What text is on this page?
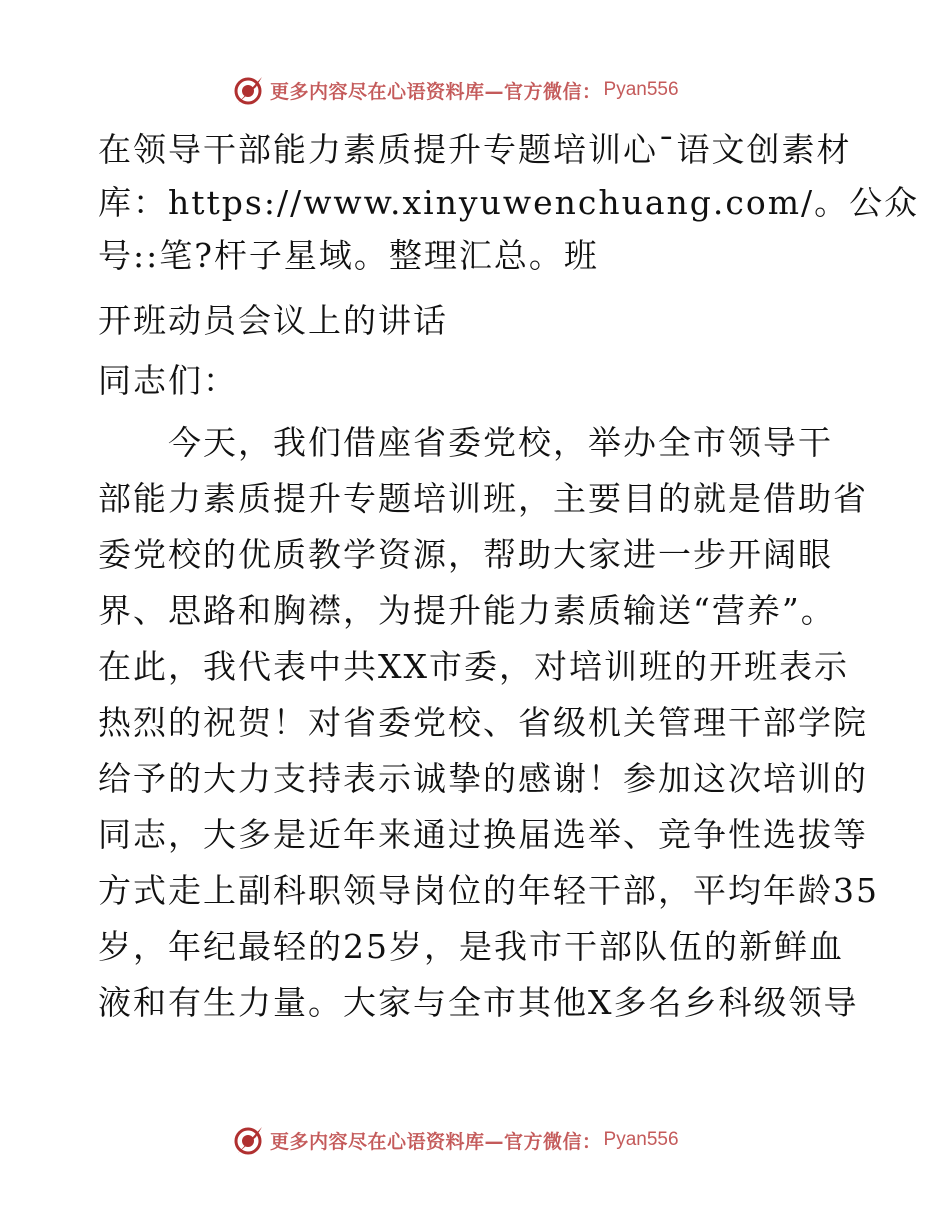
更多内容尽在心语资料库—官方微信： Pyan556
在领导干部能力素质提升专题培训心¯语文创素材
库：https://www.xinyuwenchuang.com/。公众
号::笔?杆子星域。整理汇总。班
开班动员会议上的讲话
同志们：
今天，我们借座省委党校，举办全市领导干
部能力素质提升专题培训班，主要目的就是借助省
委党校的优质教学资源，帮助大家进一步开阔眼
界、思路和胸襟，为提升能力素质输送“营养”。
在此，我代表中共XX市委，对培训班的开班表示
热烈的祝贺！对省委党校、省级机关管理干部学院
给予的大力支持表示诚挚的感谢！参加这次培训的
同志，大多是近年来通过换届选举、竞争性选拔等
方式走上副科职领导岗位的年轻干部，平均年龄35
岁，年纪最轻的25岁，是我市干部队伍的新鲜血
液和有生力量。大家与全市其他X多名乡科级领导
更多内容尽在心语资料库—官方微信： Pyan556
